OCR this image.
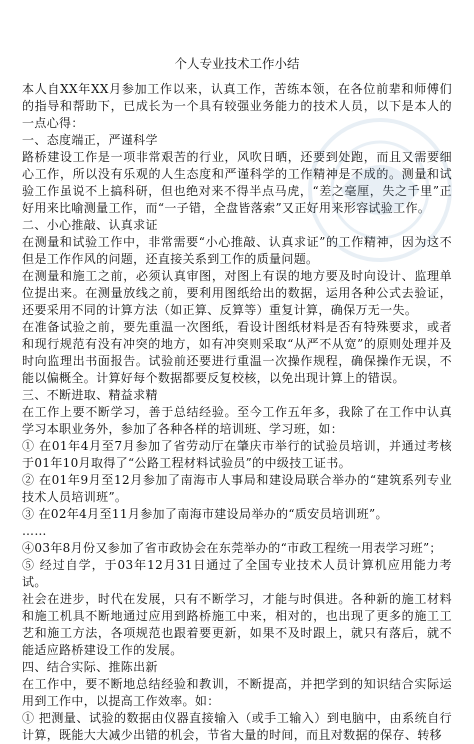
个人专业技术工作小结

本人自XX年XX月参加工作以来，认真工作，苦练本领，在各位前辈和师傅们的指导和帮助下，已成长为一个具有较强业务能力的技术人员，以下是本人的一点心得：

一、态度端正，严谨科学

路桥建设工作是一项非常艰苦的行业，风吹日晒，还要到处跑，而且又需要细心工作，所以没有乐观的人生态度和严谨科学的工作精神是不成的。测量和试验工作虽说不上搞科研，但也绝对来不得半点马虎，“差之毫厘，失之千里”正好用来比喻测量工作，而“一子错，全盘皆落索”又正好用来形容试验工作。

二、小心推敲、认真求证

在测量和试验工作中，非常需要“小心推敲、认真求证”的工作精神，因为这不但是工作作风的问题，还直接关系到工作的质量问题。

在测量和施工之前，必须认真审图，对图上有误的地方要及时向设计、监理单位提出来。在测量放线之前，要利用图纸给出的数据，运用各种公式去验证，还要采用不同的计算方法（如正算、反算等）重复计算，确保万无一失。

在准备试验之前，要先重温一次图纸，看设计图纸材料是否有特殊要求，或者和现行规范有没有冲突的地方，如有冲突则采取“从严不从宽”的原则处理并及时向监理出书面报告。试验前还要进行重温一次操作规程，确保操作无误，不能以偏概全。计算好每个数据都要反复校核，以免出现计算上的错误。

三、不断进取、精益求精

在工作上要不断学习，善于总结经验。至今工作五年多，我除了在工作中认真学习本职业务外，参加了各种各样的培训班、学习班，如：

① 在01年4月至7月参加了省劳动厅在肇庆市举行的试验员培训，并通过考核于01年10月取得了“公路工程材料试验员”的中级技工证书。

② 在01年9月至12月参加了南海市人事局和建设局联合举办的“建筑系列专业技术人员培训班”。

③ 在02年4月至11月参加了南海市建设局举办的“质安员培训班”。

……

④03年8月份又参加了省市政协会在东莞举办的“市政工程统一用表学习班”；

⑤ 经过自学，于03年12月31日通过了全国专业技术人员计算机应用能力考试。

社会在进步，时代在发展，只有不断学习，才能与时俱进。各种新的施工材料和施工机具不断地通过应用到路桥施工中来，相对的，也出现了更多的施工工艺和施工方法，各项规范也跟着要更新，如果不及时跟上，就只有落后，就不能适应路桥建设工作的发展。

四、结合实际、推陈出新

在工作中，要不断地总结经验和教训，不断提高，并把学到的知识结合实际运用到工作中，以提高工作效率。如：

① 把测量、试验的数据由仪器直接输入（或手工输入）到电脑中，由系统自行计算，既能大大减少出错的机会，节省大量的时间，而且对数据的保存、转移
